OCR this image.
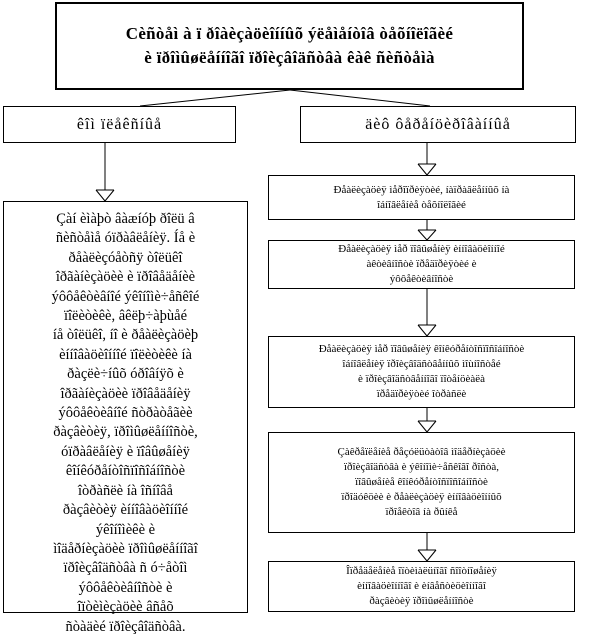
Cèñòåì à ï ðîàèçàöèîííûõ ýëåìåíòîâ òåõíîëîãèé
è ïðîìûøëåííîãî ïðîèçâîäñòâà êàê ñèñòåìà
êîì ïëåêñíûå	äèô ôåðåíöèðîâàííûå
Çàí èìàþò âàæíóþ ðîëü â
ñèñòåìå óïðàâëåíèÿ. Íå è
ðåàëèçóåòñÿ òîëüêî
îðãàíèçàöèè è ïðîâåäåíèè
ýôôåêòèâíîé ýêîíîìè÷åñêîé
ïîëèòèêè, âêëþ÷àþùåé
íå òîëüêî, íî è ðåàëèçàöèþ
èííîâàöèîííîé ïîëèòèêè íà
ðàçëè÷íûõ óðîâíÿõ è
îðãàíèçàöèè ïðîâåäåíèÿ
ýôôåêòèâíîé ñòðàòåãèè
ðàçâèòèÿ, ïðîìûøëåííîñòè,
óïðàâëåíèÿ è ïîâûøåíèÿ
êîíêóðåíòîñïîñîáíîñòè
îòðàñëè íà îñíîâå
ðàçâèòèÿ èííîâàöèîííîé
ýêîíîìèêè è
ìîäåðíèçàöèè ïðîìûøëåííîãî
ïðîèçâîäñòâà ñ ó÷åòîì
ýôôåêòèâíîñòè è
îïòèìèçàöèè âñåõ
ñòàäèé ïðîèçâîäñòâà.
Ðåàëèçàöèÿ ìåðîïðèÿòèé, íàïðàâëåííûõ íà
îáíîâëåíèå òåõíîëîãèé
Ðåàëèçàöèÿ ìåð ïîâûøåíèÿ èííîâàöèîííîé
àêòèâíîñòè ïðåäïðèÿòèé è
ýôôåêòèâíîñòè
Ðåàëèçàöèÿ ìåð ïîâûøåíèÿ êîíêóðåíòîñïîñîáíîñòè
îáíîâëåíèÿ ïðîèçâîäñòâåííûõ ìîùíîñòåé
è ïðîèçâîäñòâåííîãî ïîòåíöèàëà
ïðåäïðèÿòèé îòðàñëè
Çàêðåïëåíèå ðåçóëüòàòîâ ìîäåðíèçàöèè
ïðîèçâîäñòâà è ýêîíîìè÷åñêîãî ðîñòà,
ïîâûøåíèå êîíêóðåíòîñïîñîáíîñòè
ïðîäóêöèè è ðåàëèçàöèÿ èííîâàöèîííûõ
ïðîåêòîâ íà ðûíêå
Îïðåäåëåíèå îïòèìàëüíîãî ñîîòíîøåíèÿ
èííîâàöèîííîãî è èíâåñòèöèîííîãî
ðàçâèòèÿ ïðîìûøëåííîñòè
